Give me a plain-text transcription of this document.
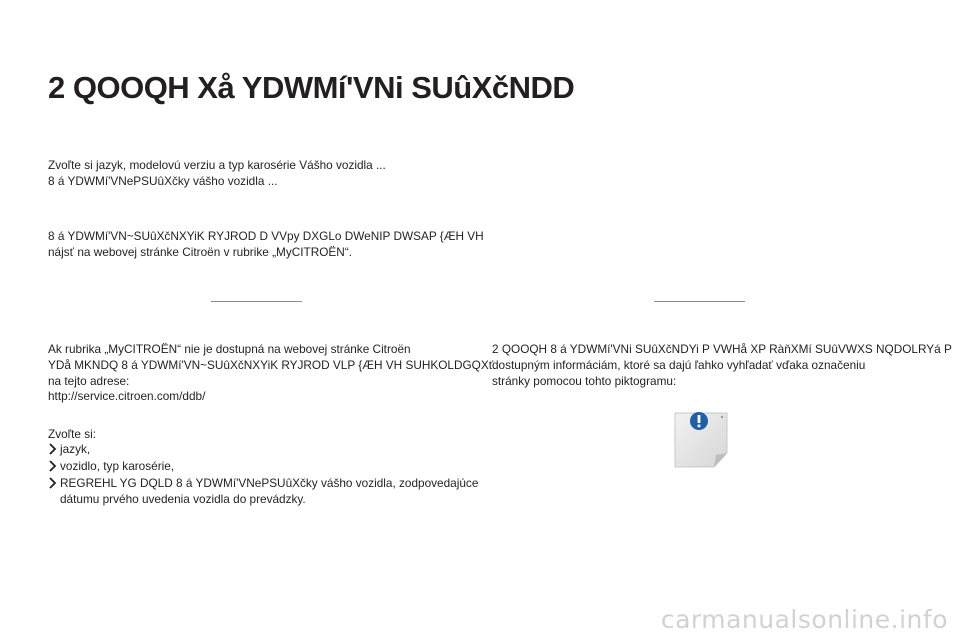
2 QOOQH Xå YDWMí'VNi SUûXčNDD

Zvoľte si jazyk, modelovú verziu a typ karosérie Vášho vozidla ...
8 á YDWMí'VNePSUûXčky vášho vozidla ...

8 á YDWMí'VN~SUûXčNXYiK RYJROD D VVpy DXGLo DWeNIP DWSAP {ÆH VH
nájsť na webovej stránke Citroën v rubrike „MyCITROËN“.

Ak rubrika „MyCITROËN“ nie je dostupná na webovej stránke Citroën
YDå MKNDQ 8 á YDWMí'VN~SUûXčNXYiK RYJROD VLP {ÆH VH SUHKOLDGQXť
na tejto adrese:

http://service.citroen.com/ddb/

Zvoľte si:

jazyk,
vozidlo, typ karosérie,
REGREHL YG DQLD 8 á YDWMí'VNePSUûXčky vášho vozidla, zodpovedajúce
dátumu prvého uvedenia vozidla do prevádzky.

2 QOOQH 8 á YDWMí'VNi SUûXčNDYi P VWHå XP RàňXMí SUûVWXS NQDOLRYá P
dostupným informáciám, ktoré sa dajú ľahko vyhľadať vďaka označeniu
stránky pomocou tohto piktogramu:

carmanualsonline.info
